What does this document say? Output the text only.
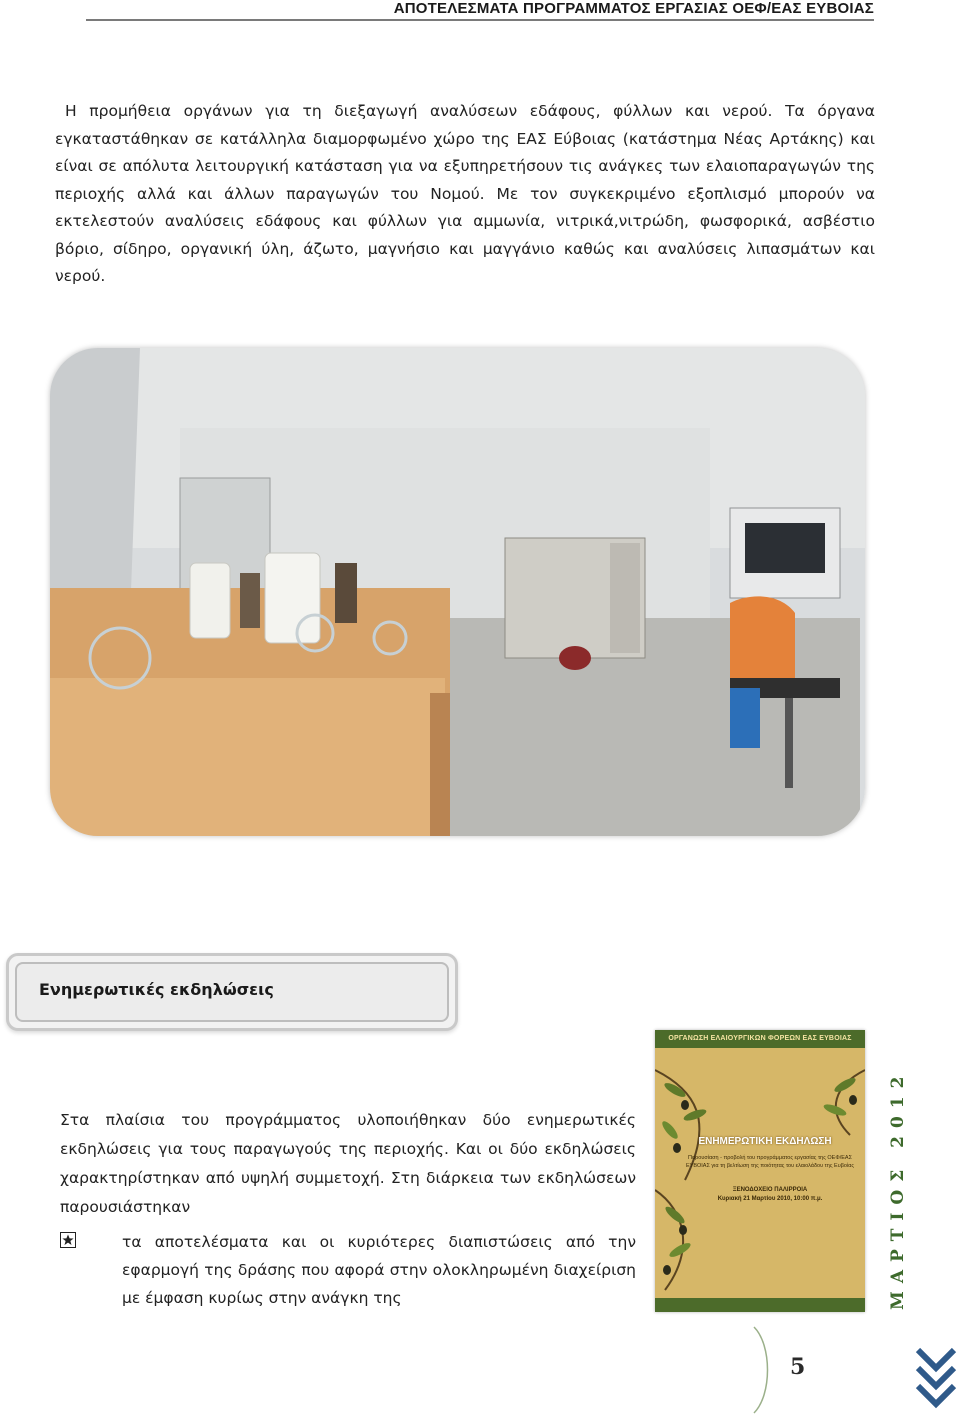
ΑΠΟΤΕΛΕΣΜΑΤΑ ΠΡΟΓΡΑΜΜΑΤΟΣ ΕΡΓΑΣΙΑΣ ΟΕΦ/ΕΑΣ ΕΥΒΟΙΑΣ

Η προμήθεια οργάνων για τη διεξαγωγή αναλύσεων εδάφους, φύλλων και νερού. Τα όργανα εγκαταστάθηκαν σε κατάλληλα διαμορφωμένο χώρο της ΕΑΣ Εύβοιας (κατάστημα Νέας Αρτάκης) και είναι σε απόλυτα λειτουργική κατάσταση για να εξυπηρετήσουν τις ανάγκες των ελαιοπαραγωγών της περιοχής αλλά και άλλων παραγωγών του Νομού. Με τον συγκεκριμένο εξοπλισμό μπορούν να εκτελεστούν αναλύσεις εδάφους και φύλλων για αμμωνία, νιτρικά,νιτρώδη, φωσφορικά, ασβέστιο βόριο, σίδηρο, οργανική ύλη, άζωτο, μαγνήσιο και μαγγάνιο καθώς και αναλύσεις λιπασμάτων και νερού.

Ενημερωτικές εκδηλώσεις

Στα πλαίσια του προγράμματος υλοποιήθηκαν δύο ενημερωτικές εκδηλώσεις για τους παραγωγούς της περιοχής. Και οι δύο εκδηλώσεις χαρακτηρίστηκαν από υψηλή συμμετοχή. Στη διάρκεια των εκδηλώσεων παρουσιάστηκαν

τα αποτελέσματα και οι κυριότερες διαπιστώσεις από την εφαρμογή της δράσης που αφορά στην ολοκληρωμένη διαχείριση με έμφαση κυρίως στην ανάγκη της

ΟΡΓΑΝΩΣΗ ΕΛΑΙΟΥΡΓΙΚΩΝ ΦΟΡΕΩΝ ΕΑΣ ΕΥΒΟΙΑΣ
ΕΝΗΜΕΡΩΤΙΚΗ ΕΚΔΗΛΩΣΗ
Παρουσίαση - προβολή του προγράμματος εργασίας της ΟΕΦ/ΕΑΣ ΕΥΒΟΙΑΣ για τη βελτίωση της ποιότητας του ελαιολάδου της Ευβοίας
ΞΕΝΟΔΟΧΕΙΟ ΠΑΛΙΡΡΟΙΑ
Κυριακή 21 Μαρτίου 2010, 10:00 π.μ.	ΜΑΡΤΙΟΣ 2012
5
